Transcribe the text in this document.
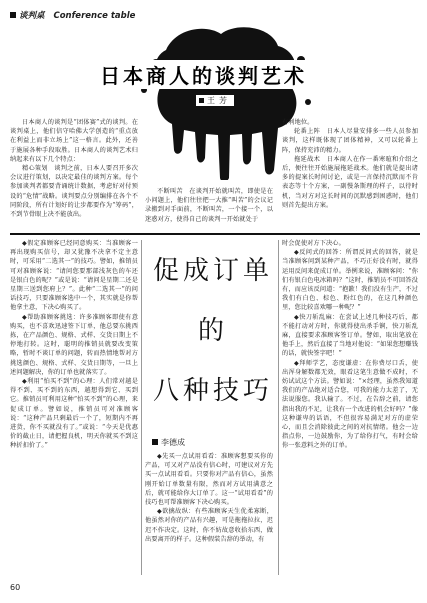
谈判桌 Conference table
日本商人的谈判艺术
王芳

日本商人的谈判是“团体赛”式的谈判。在谈判桌上，他们信守哈佛大学创造的“重点放在利益上而非立场上”这一格言。此外，还善于施展各种手段取胜。日本商人的谈判艺术归纳起来有以下几个特点：

精心策划　谈判之前，日本人要召开多次会议进行策划，以决定最佳的谈判方案。每个参加谈判者都要背诵统计数据，考虑好对付预设的“危情”战略。谈判要点分别编排在各个不同阶段，所有计划好的让步都要作为“筹码”，不到节骨眼上决不能放出。

不断叫苦　在谈判开始就叫苦，即使是在小问题上，他们往往把一大推“叫苦”的会议记录搬到对手面前，不断叫苦，一个接一个，以迷惑对方，使得自己的谈判一开始就处于

有利地位。

轮番上阵　日本人尽量安排多一些人员参加谈判，这样既体现了团体精神，又可以轮番上阵，保持充沛的精力。

拖延战术　日本商人在作一番寒暄和介绍之后，便往往开始施展拖延战术。他们就是提出诸多的提案长时间讨论，或是一言保持沉默而不肯表态等十个方案，一副慢条斯理的样子，以待时机，当对方对这长时间的沉默感到困惑时，他们则首先提出方案。

◆假定准顾客已经同意购买：当准顾客一再出现购买信号，却又犹豫不决拿不定主意时，可采用“二选其一”的技巧。譬如，推销员可对准顾客说：“请问您要那部浅灰色的车还是银白色的呢？”或是说：“请问是星期二还是星期三送到您府上？”。此种“二选其一”的问话技巧，只要准顾客选中一个，其实就是你帮他拿主意，下决心购买了。

◆帮助准顾客挑选：许多准顾客即使有意购买，也不喜欢迅速签下订单，他总要东挑西拣，在产品颜色、规格、式样、交货日期上不停地打转。这时，聪明的推销员就要改变策略，暂时不谈订单的问题，转而热情地帮对方挑选颜色、规格、式样、交货日期等，一旦上述问题解决，你的订单也就落实了。

◆利用“怕买不到”的心理：人们常对越是得不到、买不到的东西，越想得到它、买到它。推销员可利用这种“怕买不到”的心理，来促成订单。譬如说，推销员可对准顾客说：“这种产品只剩最后一个了，短期内不再进货，你不买就没有了。”或说：“今天是优惠价的截止日，请把握良机，明天你就买不到这种折扣价了。”

促成订单
的
八种技巧
李德成

◆先买一点试用看看：准顾客想要买你的产品，可又对产品没有信心时，可建议对方先买一点试用看看。只要你对产品有信心，虽然刚开始订单数量有限，然而对方试用满意之后，就可能给你大订单了。这一“试用看看”的技巧也可帮准顾客下决心购买。

◆欲擒故纵：有些准顾客天生优柔寡断，他虽然对你的产品有兴趣，可是拖拖拉拉，迟迟不作决定。这时，你不妨故意收拾东西，做出要离开的样子。这种假装告辞的举动，有

时会促使对方下决心。

◆反问式的回答：所谓反问式的回答，就是当准顾客问到某种产品，不巧正好没有时，就得运用反问来促成订单。举例来说，准顾客问：“你们有银白色电冰箱吗？”这时，推销员不可回答没有，而应该反问道：“抱歉！我们没有生产，不过我们有白色、棕色、粉红色的，在这几种颜色里，您比较喜欢哪一种呢？”

◆快刀斩乱麻：在尝试上述几种技巧后，都不能打动对方时，你就得使出杀手锏，快刀斩乱麻，直接要求准顾客签订单。譬如，取出笔放在他手上，然后直接了当地对他说：“如果您想赚钱的话，就快签字吧！”

◆拜师学艺，态度谦虚：在你费尽口舌，使出浑身解数都无效，眼看这笔生意做不成时，不妨试试这个方法。譬如说：“×经理，虽然我知道我们的产品绝对适合您，可我的能力太差了，无法说服您。我认输了。不过，在告辞之前，请您指出我的不足，让我有一个改进的机会好吗？”像这种谦卑的话语，不但很容易满足对方的虚荣心，而且会消除彼此之间的对抗情绪。他会一边指点你，一边鼓励你，为了给你打气，有时会给你一张意料之外的订单。

60
